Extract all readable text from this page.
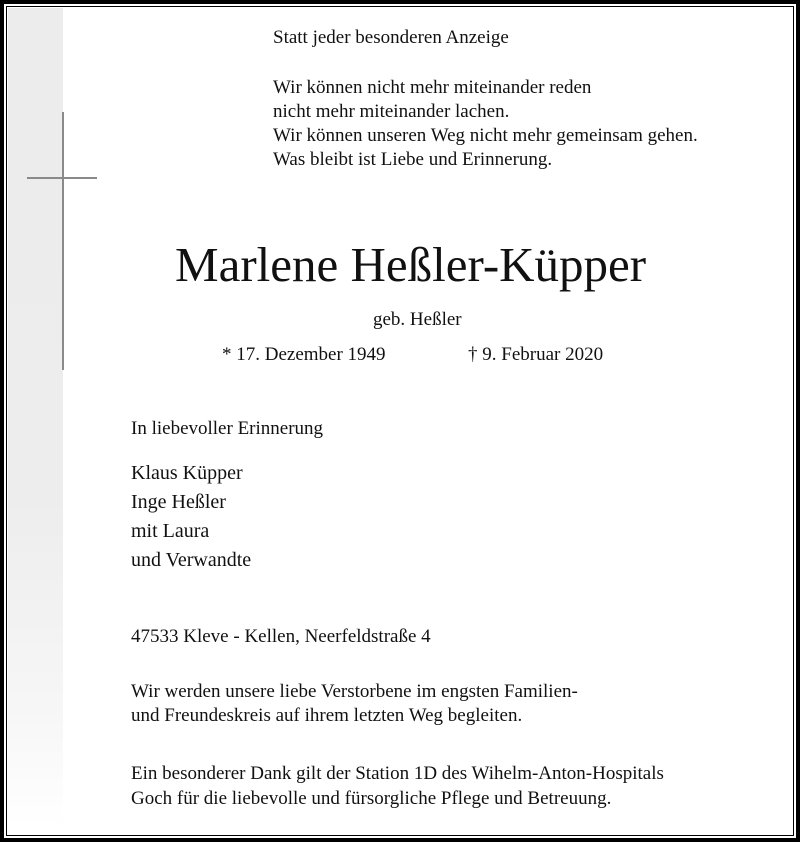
Statt jeder besonderen Anzeige
Wir können nicht mehr miteinander reden
nicht mehr miteinander lachen.
Wir können unseren Weg nicht mehr gemeinsam gehen.
Was bleibt ist Liebe und Erinnerung.
Marlene Heßler-Küpper
geb. Heßler
* 17. Dezember 1949	† 9. Februar 2020
In liebevoller Erinnerung
Klaus Küpper
Inge Heßler
mit Laura
und Verwandte
47533 Kleve - Kellen, Neerfeldstraße 4
Wir werden unsere liebe Verstorbene im engsten Familien-
und Freundeskreis auf ihrem letzten Weg begleiten.
Ein besonderer Dank gilt der Station 1D des Wihelm-Anton-Hospitals
Goch für die liebevolle und fürsorgliche Pflege und Betreuung.
